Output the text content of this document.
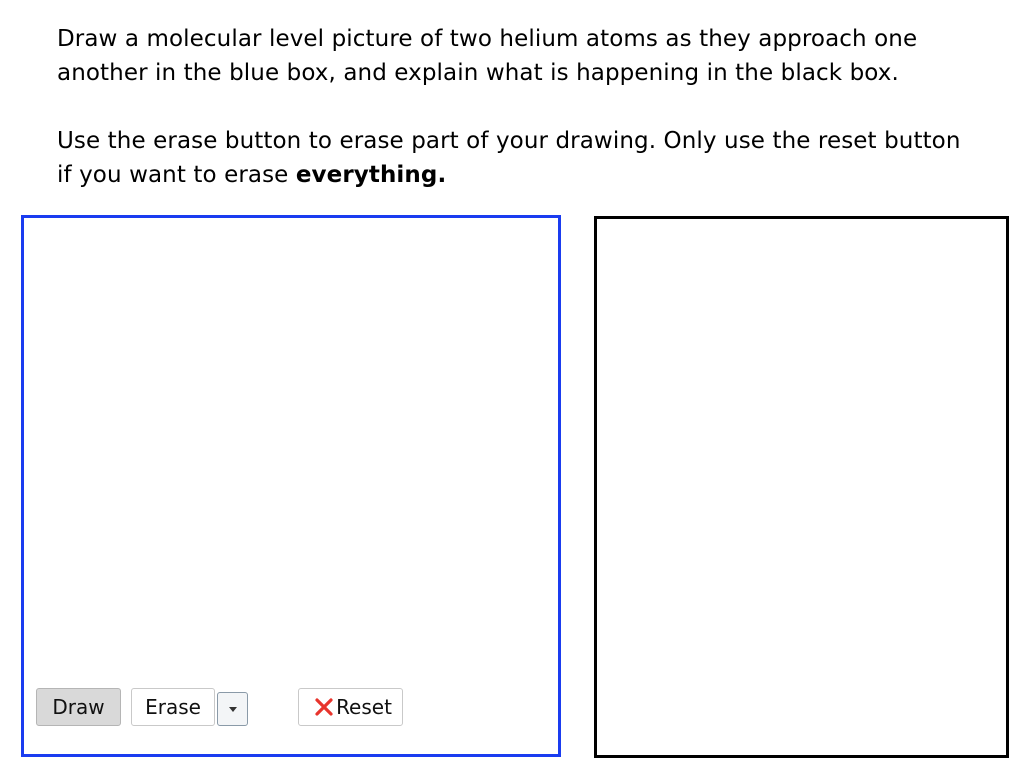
Draw a molecular level picture of two helium atoms as they approach one another in the blue box, and explain what is happening in the black box.

Use the erase button to erase part of your drawing. Only use the reset button if you want to erase everything.

Draw Erase	Reset
